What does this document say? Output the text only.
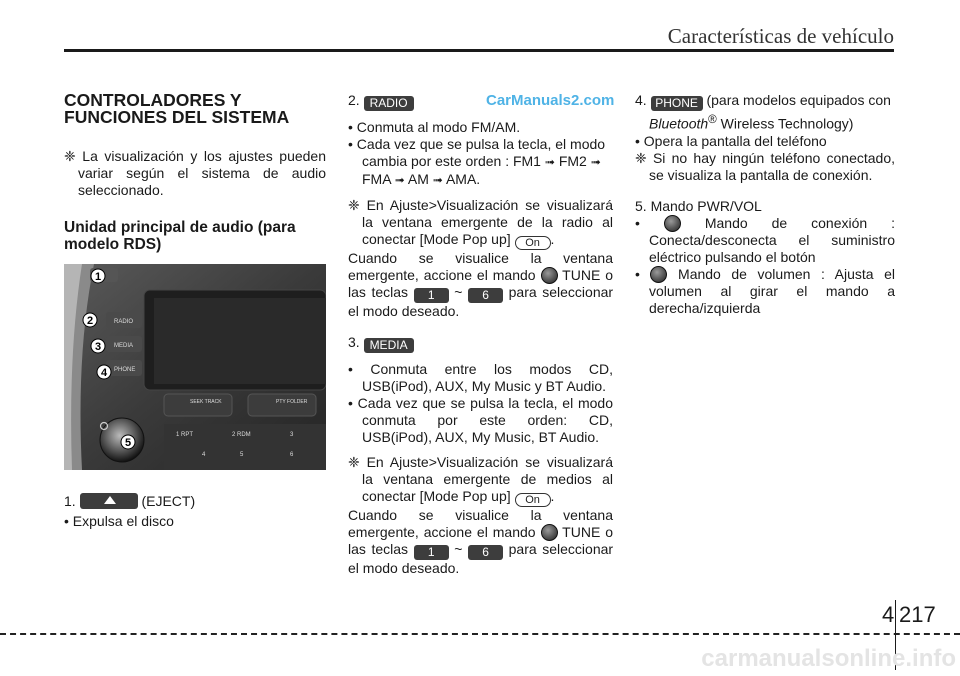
Características de vehículo
CarManuals2.com
CONTROLADORES Y FUNCIONES DEL SISTEMA

❈ La visualización y los ajustes pueden variar según el sistema de audio seleccionado.

Unidad principal de audio (para modelo RDS)
RADIO
MEDIA
PHONE
SEEK TRACK	PTY FOLDER
1 RPT	2 RDM	3
4	5	6
1
2
3
4
5

1.	(EJECT)

• Expulsa el disco

2. RADIO

• Conmuta al modo FM/AM.

• Cada vez que se pulsa la tecla, el modo cambia por este orden : FM1 ➟ FM2 ➟ FMA ➟ AM ➟ AMA.

❈ En Ajuste>Visualización se visualizará la ventana emergente de la radio al conectar [Mode Pop up] On .

Cuando se visualice la ventana emergente, accione el mando TUNE o las teclas 1 ~ 6 para seleccionar el modo deseado.

3. MEDIA

• Conmuta entre los modos CD, USB(iPod), AUX, My Music y BT Audio.

• Cada vez que se pulsa la tecla, el modo conmuta por este orden: CD, USB(iPod), AUX, My Music, BT Audio.

❈ En Ajuste>Visualización se visualizará la ventana emergente de medios al conectar [Mode Pop up] On .

Cuando se visualice la ventana emergente, accione el mando TUNE o las teclas 1 ~ 6 para seleccionar el modo deseado.

4. PHONE (para modelos equipados con Bluetooth® Wireless Technology)

• Opera la pantalla del teléfono

❈ Si no hay ningún teléfono conectado, se visualiza la pantalla de conexión.

5. Mando PWR/VOL

•	Mando de conexión : Conecta/desconecta el suministro eléctrico pulsando el botón

•  Mando de volumen : Ajusta el volumen al girar el mando a derecha/izquierda

4 217
carmanualsonline.info
